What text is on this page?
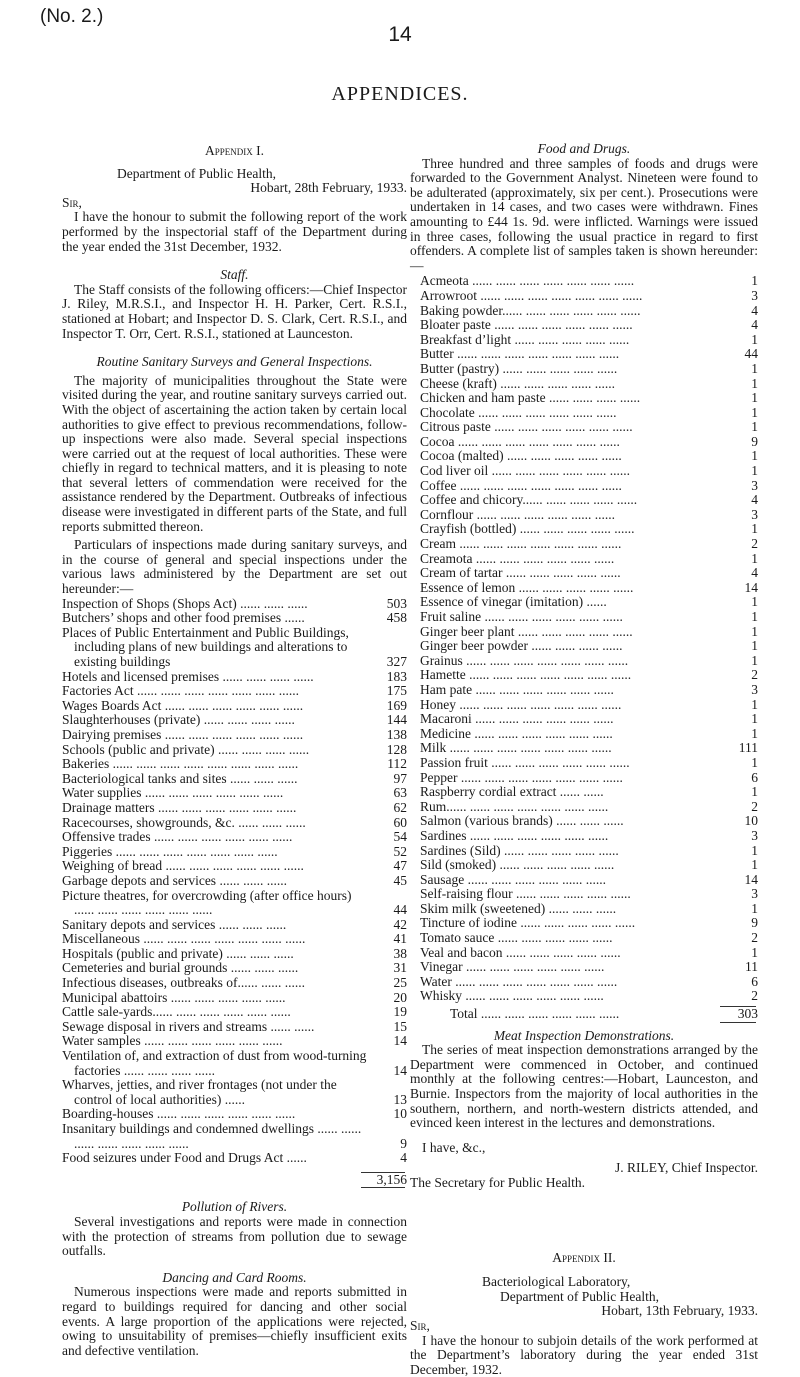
(No. 2.)
14
APPENDICES.
Appendix I.
Department of Public Health,
Hobart, 28th February, 1933.
Sir,

I have the honour to submit the following report of the work performed by the inspectorial staff of the Department during the year ended the 31st December, 1932.

Staff.

The Staff consists of the following officers:—Chief Inspector J. Riley, M.R.S.I., and Inspector H. H. Parker, Cert. R.S.I., stationed at Hobart; and Inspector D. S. Clark, Cert. R.S.I., and Inspector T. Orr, Cert. R.S.I., stationed at Launceston.

Routine Sanitary Surveys and General Inspections.

The majority of municipalities throughout the State were visited during the year, and routine sanitary surveys carried out. With the object of ascertaining the action taken by certain local authorities to give effect to previous recommendations, follow-up inspections were also made. Several special inspections were carried out at the request of local authorities. These were chiefly in regard to technical matters, and it is pleasing to note that several letters of commendation were received for the assistance rendered by the Department. Outbreaks of infectious disease were investigated in different parts of the State, and full reports submitted thereon.

Particulars of inspections made during sanitary surveys, and in the course of general and special inspections under the various laws administered by the Department are set out hereunder:—

Inspection of Shops (Shops Act) ...... ...... ......	503
Butchers’ shops and other food premises ......	458
Places of Public Entertainment and Public Buildings, including plans of new buildings and alterations to existing buildings	327
Hotels and licensed premises ...... ...... ...... ......	183
Factories Act ...... ...... ...... ...... ...... ...... ......	175
Wages Boards Act ...... ...... ...... ...... ...... ......	169
Slaughterhouses (private) ...... ...... ...... ......	144
Dairying premises ...... ...... ...... ...... ...... ......	138
Schools (public and private) ...... ...... ...... ......	128
Bakeries ...... ...... ...... ...... ...... ...... ...... ......	112
Bacteriological tanks and sites ...... ...... ......	97
Water supplies ...... ...... ...... ...... ...... ......	63
Drainage matters ...... ...... ...... ...... ...... ......	62
Racecourses, showgrounds, &c. ...... ...... ......	60
Offensive trades ...... ...... ...... ...... ...... ......	54
Piggeries ...... ...... ...... ...... ...... ...... ......	52
Weighing of bread ...... ...... ...... ...... ...... ......	47
Garbage depots and services ...... ...... ......	45
Picture theatres, for overcrowding (after office hours) ...... ...... ...... ...... ...... ......	44
Sanitary depots and services ...... ...... ......	42
Miscellaneous ...... ...... ...... ...... ...... ...... ......	41
Hospitals (public and private) ...... ...... ......	38
Cemeteries and burial grounds ...... ...... ......	31
Infectious diseases, outbreaks of...... ...... ......	25
Municipal abattoirs ...... ...... ...... ...... ......	20
Cattle sale-yards...... ...... ...... ...... ...... ......	19
Sewage disposal in rivers and streams ...... ......	15
Water samples ...... ...... ...... ...... ...... ......	14
Ventilation of, and extraction of dust from wood-turning factories ...... ...... ...... ......	14
Wharves, jetties, and river frontages (not under the control of local authorities) ......	13
Boarding-houses ...... ...... ...... ...... ...... ......	10
Insanitary buildings and condemned dwellings ...... ...... ...... ...... ...... ...... ......	9
Food seizures under Food and Drugs Act ......	4
3,156
Pollution of Rivers.

Several investigations and reports were made in connection with the protection of streams from pollution due to sewage outfalls.

Dancing and Card Rooms.

Numerous inspections were made and reports submitted in regard to buildings required for dancing and other social events. A large proportion of the applications were rejected, owing to unsuitability of premises—chiefly insufficient exits and defective ventilation.

Food and Drugs.

Three hundred and three samples of foods and drugs were forwarded to the Government Analyst. Nineteen were found to be adulterated (approximately, six per cent.). Prosecutions were undertaken in 14 cases, and two cases were withdrawn. Fines amounting to £44 1s. 9d. were inflicted. Warnings were issued in three cases, following the usual practice in regard to first offenders. A complete list of samples taken is shown hereunder:—

Acmeota ...... ...... ...... ...... ...... ...... ......	1
Arrowroot ...... ...... ...... ...... ...... ...... ......	3
Baking powder...... ...... ...... ...... ...... ......	4
Bloater paste ...... ...... ...... ...... ...... ......	4
Breakfast d’light ...... ...... ...... ...... ......	1
Butter ...... ...... ...... ...... ...... ...... ......	44
Butter (pastry) ...... ...... ...... ...... ......	1
Cheese (kraft) ...... ...... ...... ...... ......	1
Chicken and ham paste ...... ...... ...... ......	1
Chocolate ...... ...... ...... ...... ...... ......	1
Citrous paste ...... ...... ...... ...... ...... ......	1
Cocoa ...... ...... ...... ...... ...... ...... ......	9
Cocoa (malted) ...... ...... ...... ...... ......	1
Cod liver oil ...... ...... ...... ...... ...... ......	1
Coffee ...... ...... ...... ...... ...... ...... ......	3
Coffee and chicory...... ...... ...... ...... ......	4
Cornflour ...... ...... ...... ...... ...... ......	3
Crayfish (bottled) ...... ...... ...... ...... ......	1
Cream ...... ...... ...... ...... ...... ...... ......	2
Creamota ...... ...... ...... ...... ...... ......	1
Cream of tartar ...... ...... ...... ...... ......	4
Essence of lemon ...... ...... ...... ...... ......	14
Essence of vinegar (imitation) ......	1
Fruit saline ...... ...... ...... ...... ...... ......	1
Ginger beer plant ...... ...... ...... ...... ......	1
Ginger beer powder ...... ...... ...... ......	1
Grainus ...... ...... ...... ...... ...... ...... ......	1
Hamette ...... ...... ...... ...... ...... ...... ......	2
Ham pate ...... ...... ...... ...... ...... ......	3
Honey ...... ...... ...... ...... ...... ...... ......	1
Macaroni ...... ...... ...... ...... ...... ......	1
Medicine ...... ...... ...... ...... ...... ......	1
Milk ...... ...... ...... ...... ...... ...... ......	111
Passion fruit ...... ...... ...... ...... ...... ......	1
Pepper ...... ...... ...... ...... ...... ...... ......	6
Raspberry cordial extract ...... ......	1
Rum...... ...... ...... ...... ...... ...... ......	2
Salmon (various brands) ...... ...... ......	10
Sardines ...... ...... ...... ...... ...... ......	3
Sardines (Sild) ...... ...... ...... ...... ......	1
Sild (smoked) ...... ...... ...... ...... ......	1
Sausage ...... ...... ...... ...... ...... ......	14
Self-raising flour ...... ...... ...... ...... ......	3
Skim milk (sweetened) ...... ...... ......	1
Tincture of iodine ...... ...... ...... ...... ......	9
Tomato sauce ...... ...... ...... ...... ......	2
Veal and bacon ...... ...... ...... ...... ......	1
Vinegar ...... ...... ...... ...... ...... ......	11
Water ...... ...... ...... ...... ...... ...... ......	6
Whisky ...... ...... ...... ...... ...... ......	2
Total ...... ...... ...... ...... ...... ......	303
Meat Inspection Demonstrations.

The series of meat inspection demonstrations arranged by the Department were commenced in October, and continued monthly at the following centres:—Hobart, Launceston, and Burnie. Inspectors from the majority of local authorities in the southern, northern, and north-western districts attended, and evinced keen interest in the lectures and demonstrations.

I have, &c.,
J. RILEY, Chief Inspector.
The Secretary for Public Health.
Appendix II.
Bacteriological Laboratory,
Department of Public Health,
Hobart, 13th February, 1933.
Sir,

I have the honour to subjoin details of the work performed at the Department’s laboratory during the year ended 31st December, 1932.
